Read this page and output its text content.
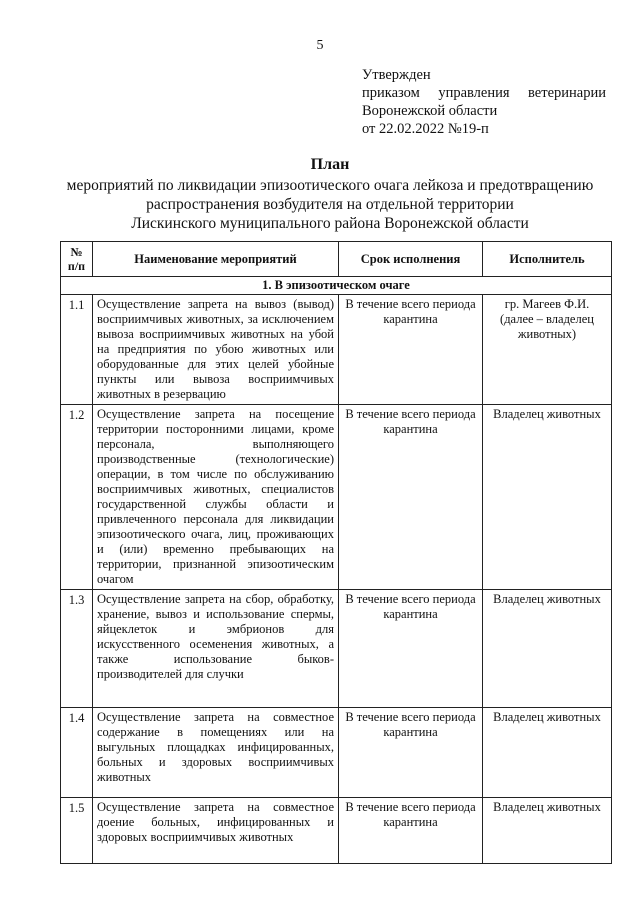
5
Утвержден
приказом управления ветеринарии
Воронежской области
от 22.02.2022 №19-п
План
мероприятий по ликвидации эпизоотического очага лейкоза и предотвращению
распространения возбудителя на отдельной территории
Лискинского муниципального района Воронежской области
№ п/п	Наименование мероприятий	Срок исполнения	Исполнитель
1. В эпизоотическом очаге			
1.1	Осуществление запрета на вывоз (вывод) восприимчивых животных, за исключением вывоза восприимчивых животных на убой на предприятия по убою животных или оборудованные для этих целей убойные пункты или вывоза восприимчивых животных в резервацию	В течение всего периода карантина	гр. Магеев Ф.И. (далее – владелец животных)
1.2	Осуществление запрета на посещение территории посторонними лицами, кроме персонала, выполняющего производственные (технологические) операции, в том числе по обслуживанию восприимчивых животных, специалистов государственной службы области и привлеченного персонала для ликвидации эпизоотического очага, лиц, проживающих и (или) временно пребывающих на территории, признанной эпизоотическим очагом	В течение всего периода карантина	Владелец животных
1.3	Осуществление запрета на сбор, обработку, хранение, вывоз и использование спермы, яйцеклеток и эмбрионов для искусственного осеменения животных, а также использование быков-производителей для случки	В течение всего периода карантина	Владелец животных
1.4	Осуществление запрета на совместное содержание в помещениях или на выгульных площадках инфицированных, больных и здоровых восприимчивых животных	В течение всего периода карантина	Владелец животных
1.5	Осуществление запрета на совместное доение больных, инфицированных и здоровых восприимчивых животных	В течение всего периода карантина	Владелец животных
